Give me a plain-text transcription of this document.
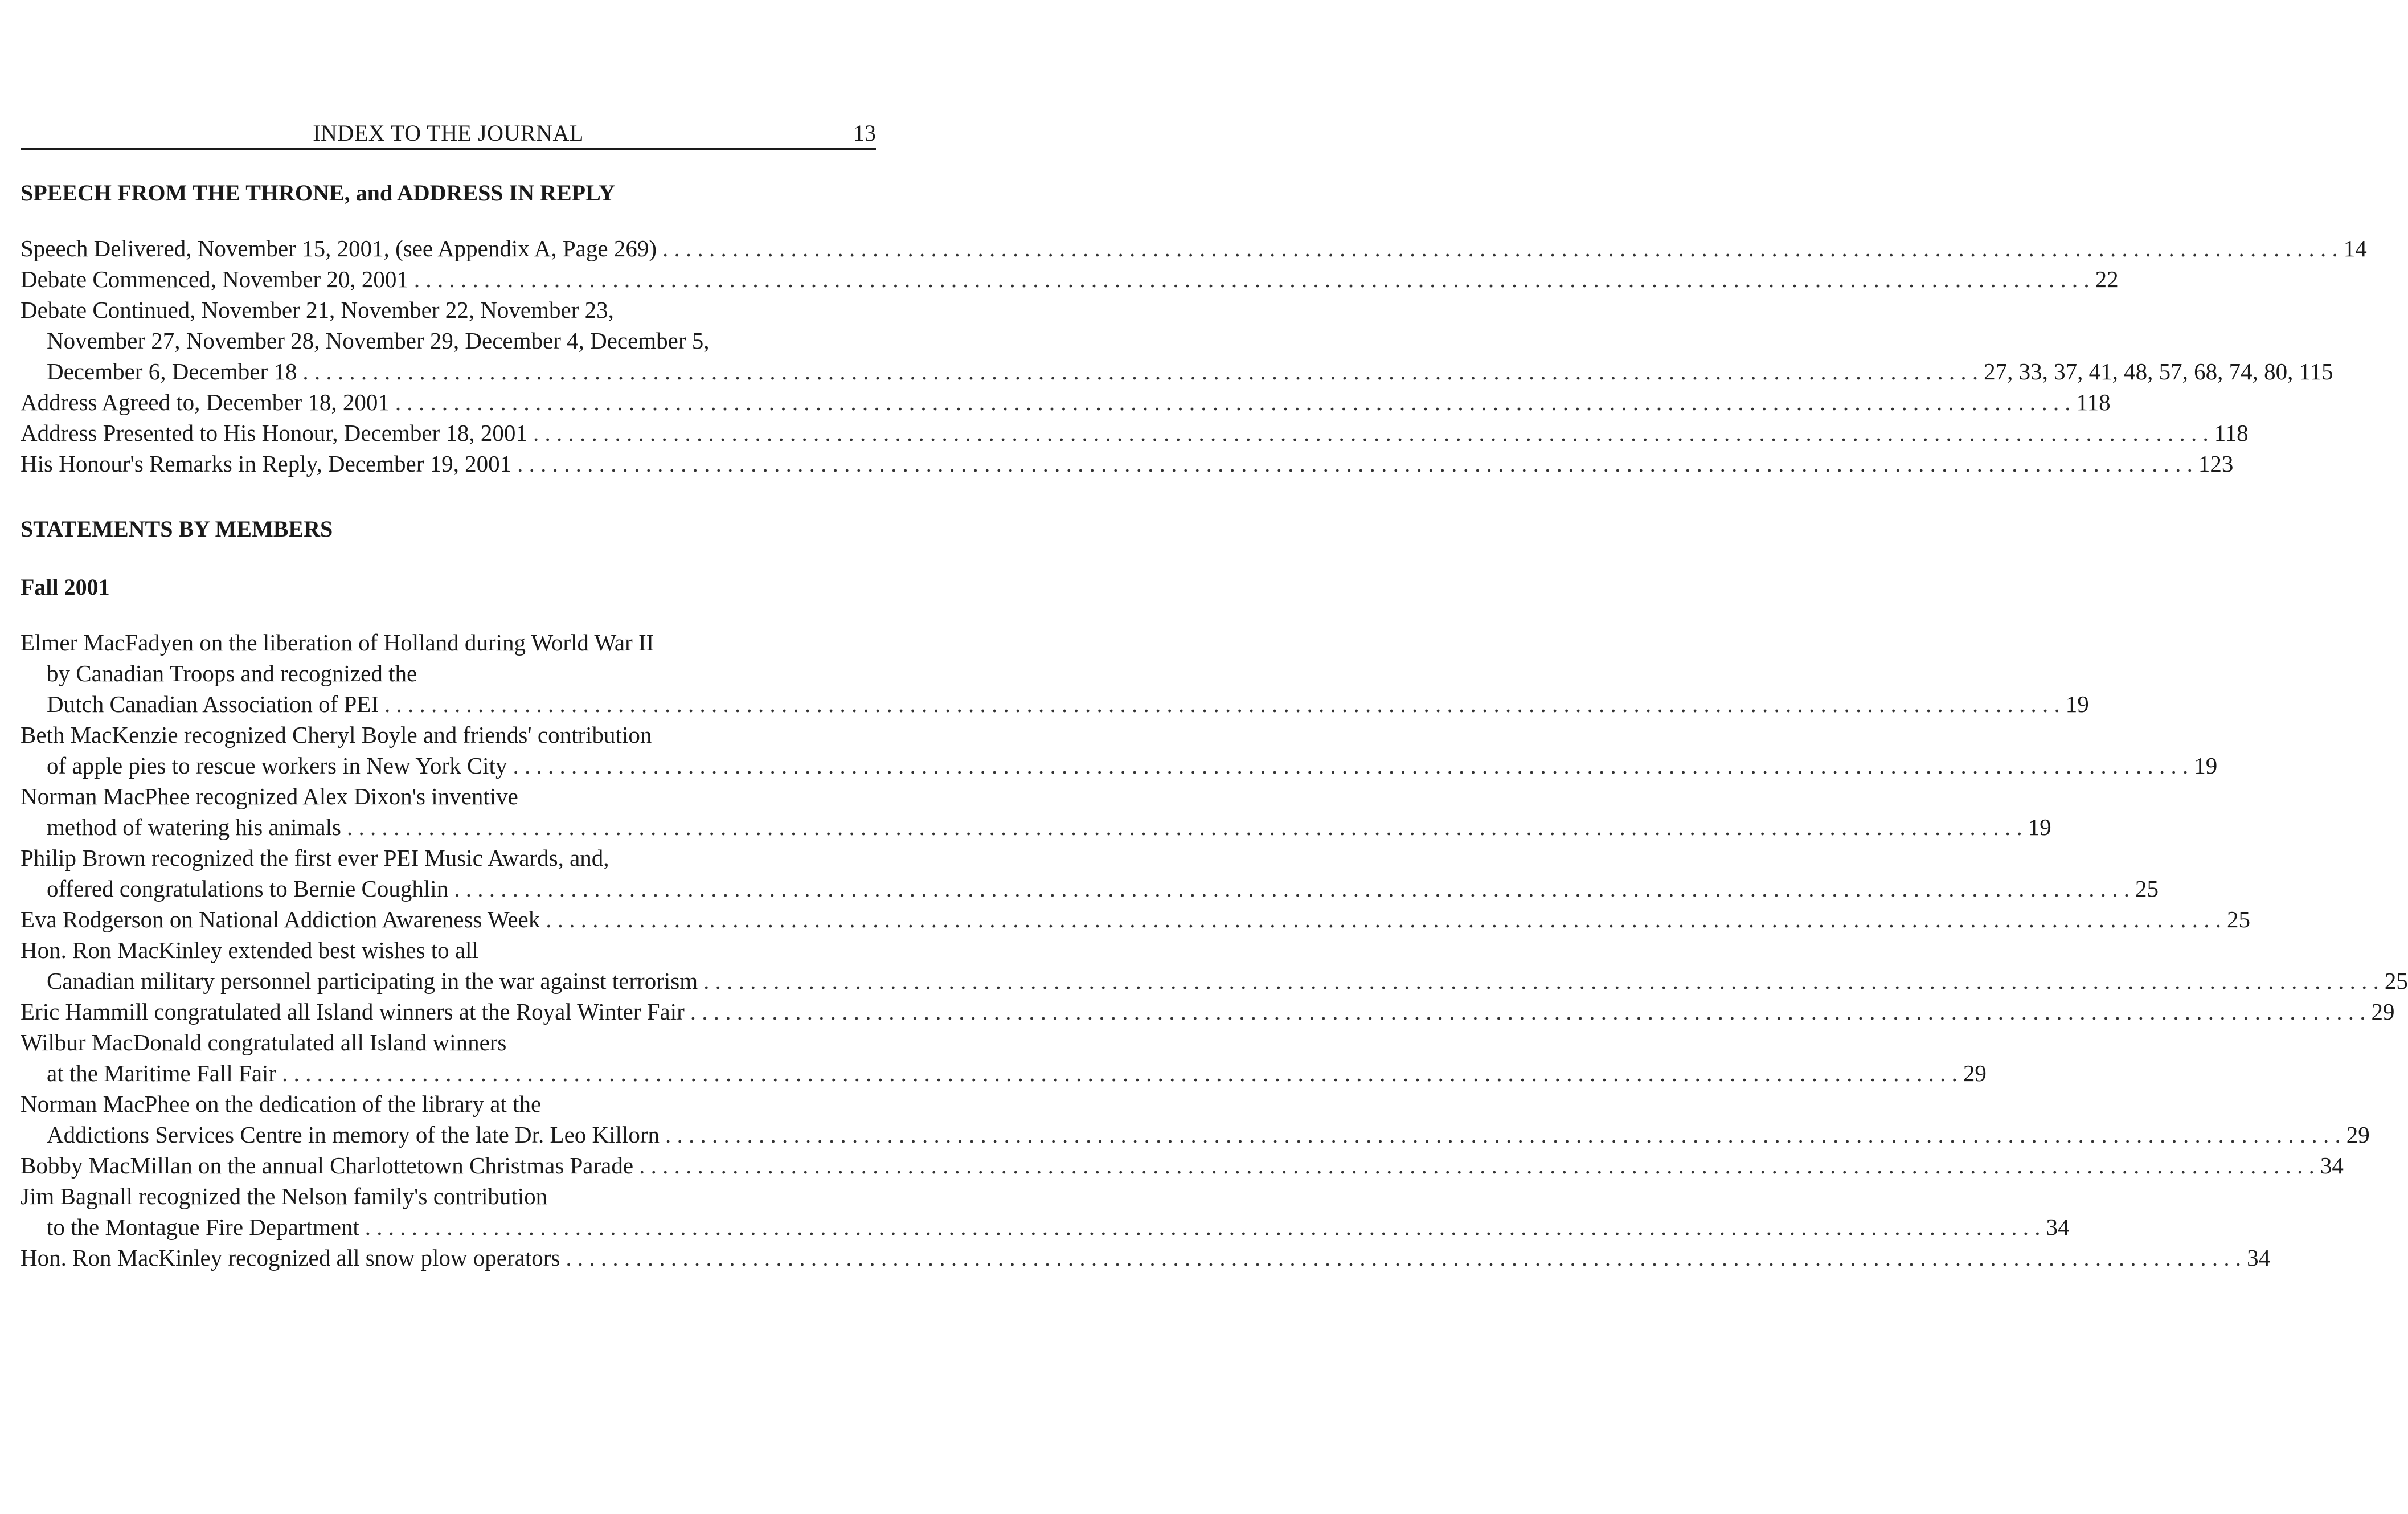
INDEX TO THE JOURNAL	13
SPEECH FROM THE THRONE, and ADDRESS IN REPLY
Speech Delivered, November 15, 2001, (see Appendix A, Page 269) . . .	14
Debate Commenced, November 20, 2001 . . .	22
Debate Continued, November 21, November 22, November 23,
November 27, November 28, November 29, December 4, December 5,
December 6, December 18 . . .	27, 33, 37, 41, 48, 57, 68, 74, 80, 115
Address Agreed to, December 18, 2001 . . .	118
Address Presented to His Honour, December 18, 2001 . . .	118
His Honour's Remarks in Reply, December 19, 2001 . . .	123
STATEMENTS BY MEMBERS
Fall 2001
Elmer MacFadyen on the liberation of Holland during World War II
by Canadian Troops and recognized the
Dutch Canadian Association of PEI . . .	19
Beth MacKenzie recognized Cheryl Boyle and friends' contribution
of apple pies to rescue workers in New York City . . .	19
Norman MacPhee recognized Alex Dixon's inventive
method of watering his animals . . .	19
Philip Brown recognized the first ever PEI Music Awards, and,
offered congratulations to Bernie Coughlin . . .	25
Eva Rodgerson on National Addiction Awareness Week . . .	25
Hon. Ron MacKinley extended best wishes to all
Canadian military personnel participating in the war against terrorism . . .	25
Eric Hammill congratulated all Island winners at the Royal Winter Fair . . .	29
Wilbur MacDonald congratulated all Island winners
at the Maritime Fall Fair . . .	29
Norman MacPhee on the dedication of the library at the
Addictions Services Centre in memory of the late Dr. Leo Killorn . . .	29
Bobby MacMillan on the annual Charlottetown Christmas Parade . . .	34
Jim Bagnall recognized the Nelson family's contribution
to the Montague Fire Department . . .	34
Hon. Ron MacKinley recognized all snow plow operators . . .	34
